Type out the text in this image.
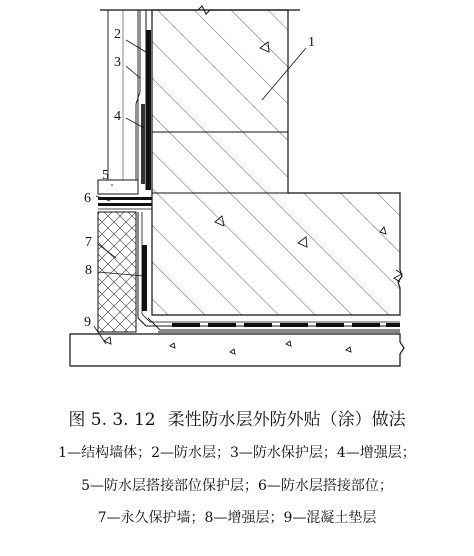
1
2
3
4
5
6
7
8
9
图 5. 3. 12 柔性防水层外防外贴（涂）做法
1—结构墙体；2—防水层；3—防水保护层；4—增强层；
5—防水层搭接部位保护层；6—防水层搭接部位；
7—永久保护墙；8—增强层；9—混凝土垫层
